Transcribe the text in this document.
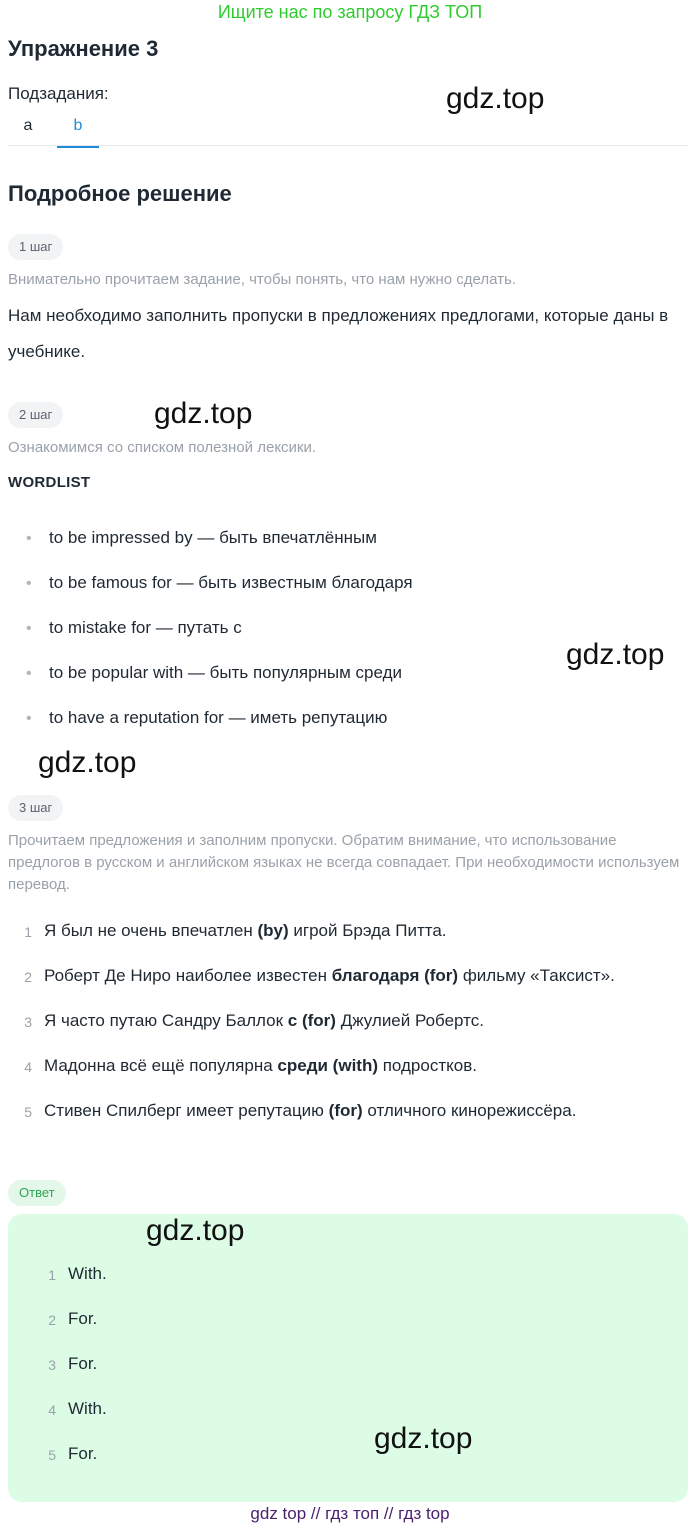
Ищите нас по запросу ГДЗ ТОП
Упражнение 3
Подзадания:
a	b
gdz.top
Подробное решение
1 шаг
Внимательно прочитаем задание, чтобы понять, что нам нужно сделать.
Нам необходимо заполнить пропуски в предложениях предлогами, которые даны в учебнике.
2 шаг	gdz.top
Ознакомимся со списком полезной лексики.
WORDLIST
• to be impressed by — быть впечатлённым
• to be famous for — быть известным благодаря
• to mistake for — путать с
• to be popular with — быть популярным среди
• to have a reputation for — иметь репутацию
gdz.top
gdz.top
3 шаг
Прочитаем предложения и заполним пропуски. Обратим внимание, что использование предлогов в русском и английском языках не всегда совпадает. При необходимости используем перевод.
1 Я был не очень впечатлен (by) игрой Брэда Питта.
2 Роберт Де Ниро наиболее известен благодаря (for) фильму «Таксист».
3 Я часто путаю Сандру Баллок с (for) Джулией Робертс.
4 Мадонна всё ещё популярна среди (with) подростков.
5 Стивен Спилберг имеет репутацию (for) отличного кинорежиссёра.
Ответ
gdz.top
1 With.
2 For.
3 For.
4 With.
5 For.	gdz.top
gdz top // гдз топ // гдз top
